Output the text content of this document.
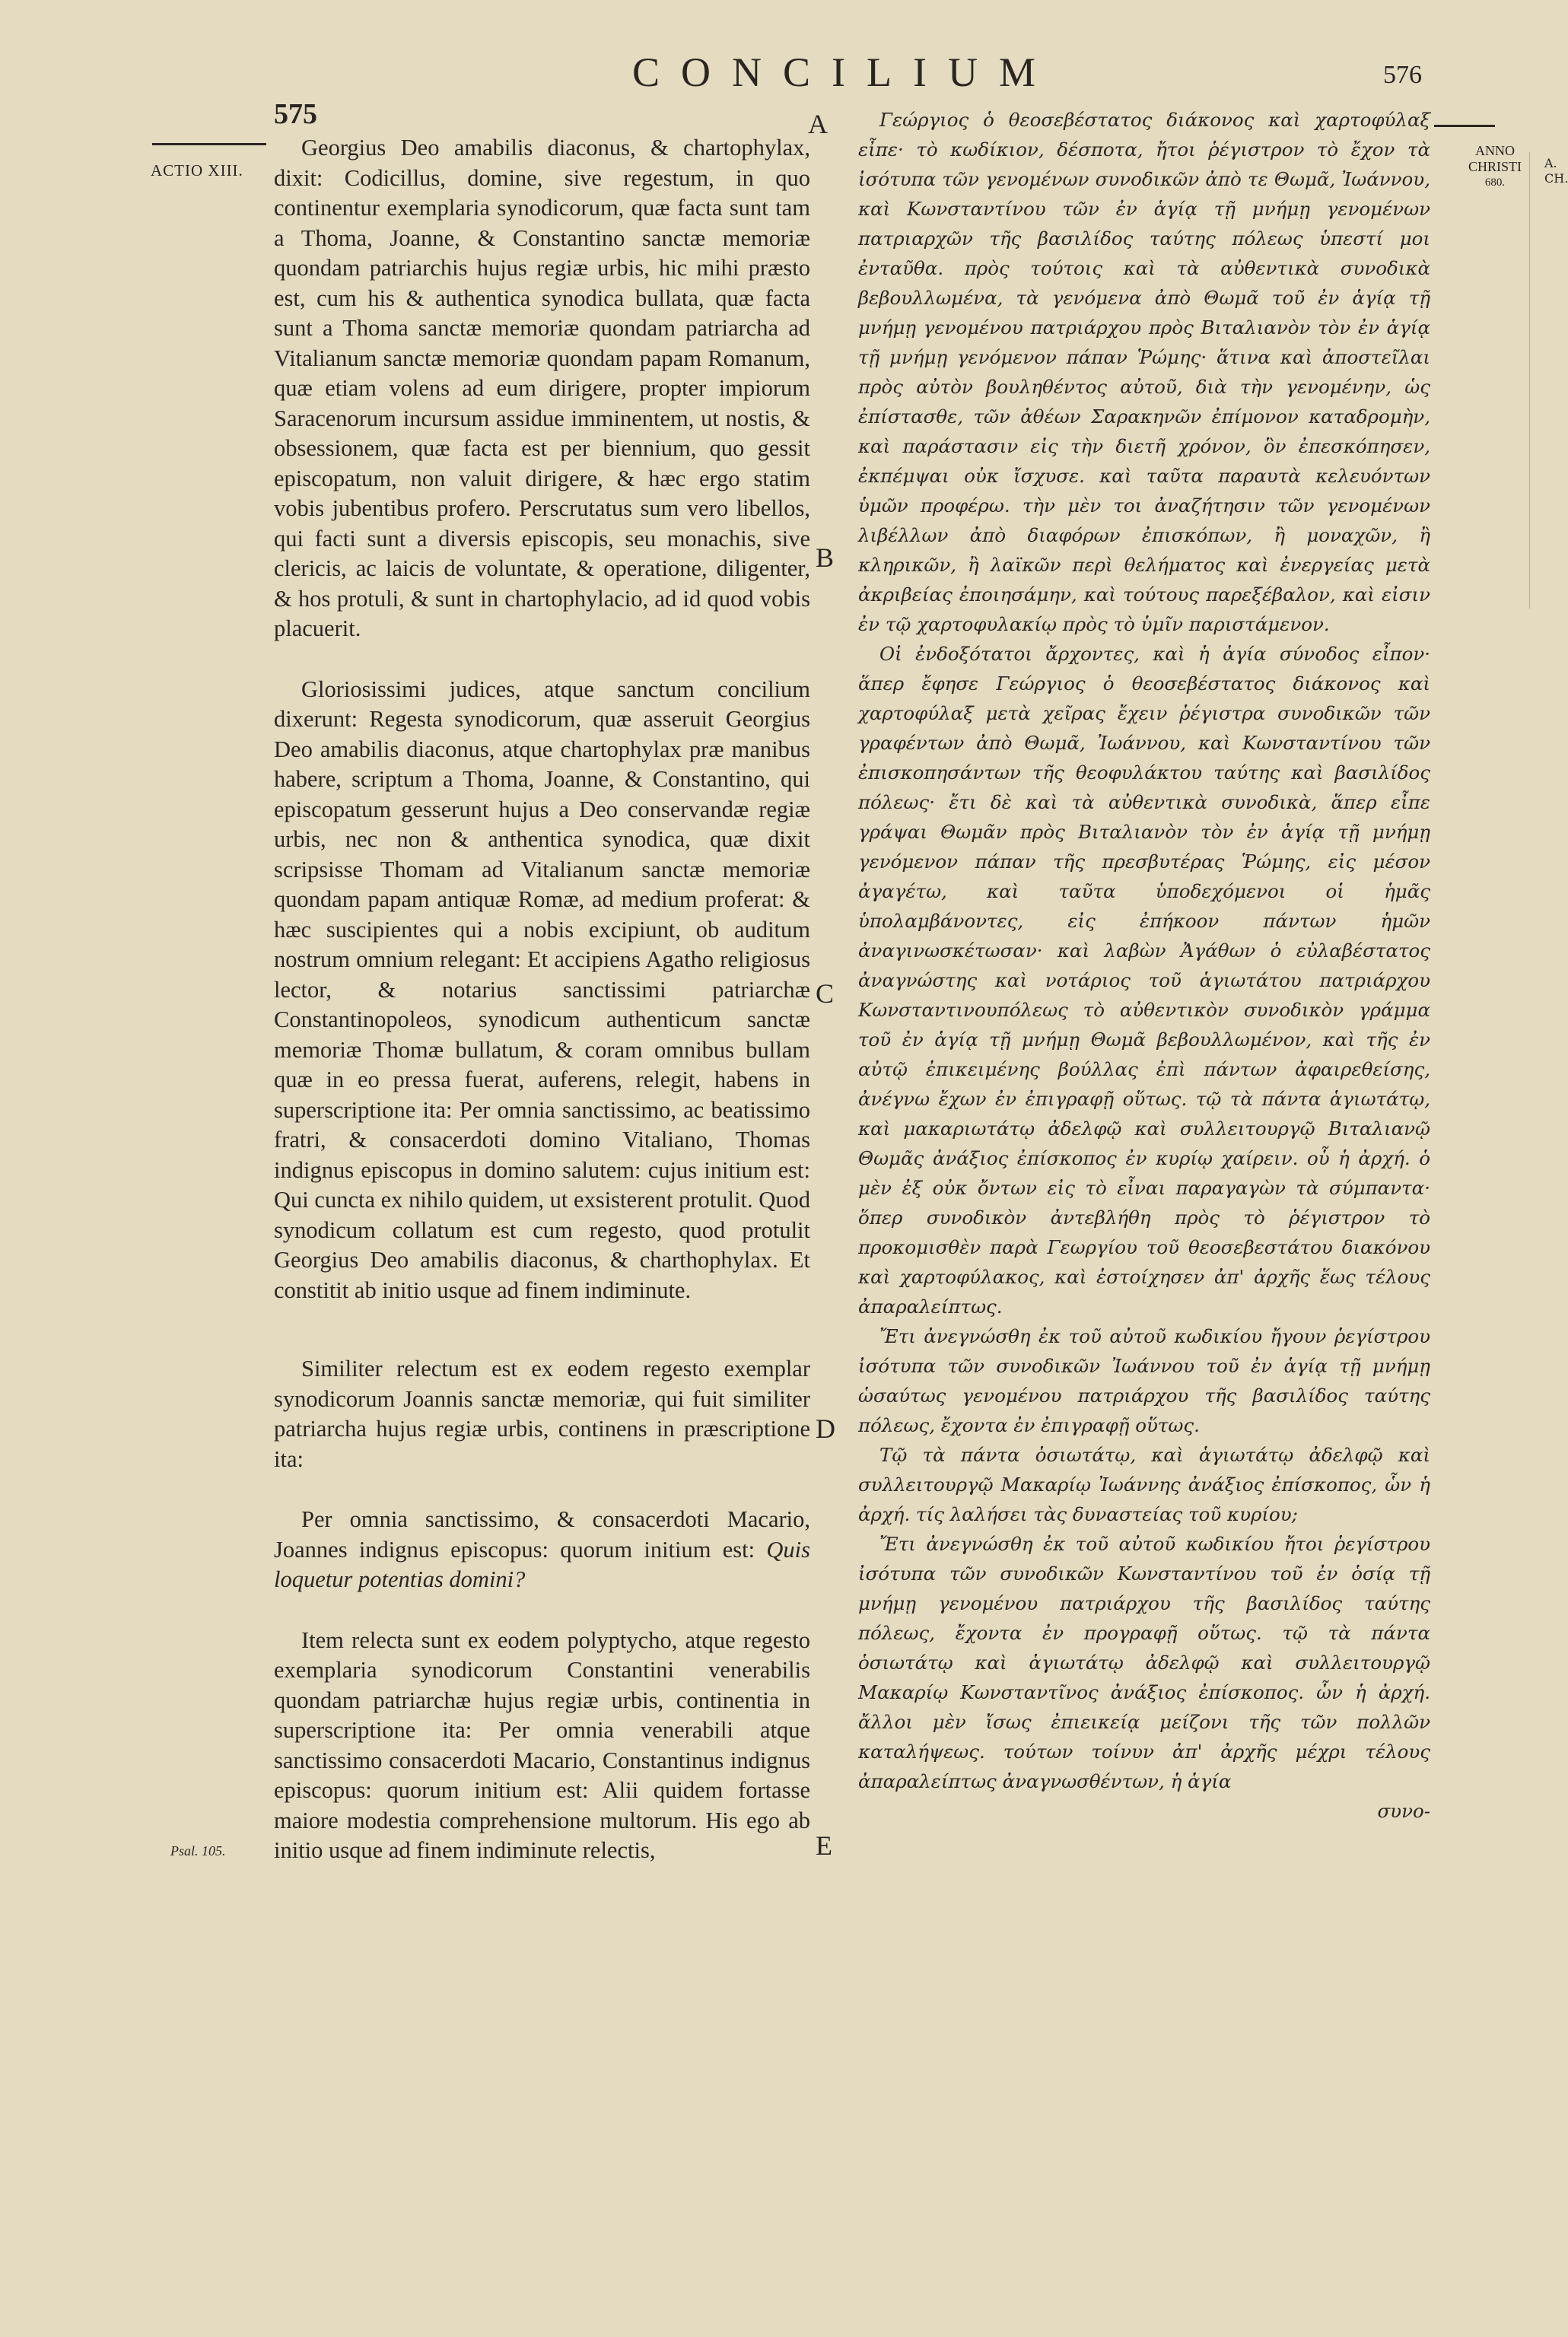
CONCILIUM
575
576
ACTIO XIII.
ANNO
CHRISTI
680.
A. CH.
A
B
C
D
E
Psal. 105.

Georgius Deo amabilis diaconus, & chartophylax, dixit: Codicillus, domine, sive regestum, in quo continentur exemplaria synodicorum, quæ facta sunt tam a Thoma, Joanne, & Constantino sanctæ memoriæ quondam patriarchis hujus regiæ urbis, hic mihi præsto est, cum his & authentica synodica bullata, quæ facta sunt a Thoma sanctæ memoriæ quondam patriarcha ad Vitalianum sanctæ memoriæ quondam papam Romanum, quæ etiam volens ad eum dirigere, propter impiorum Saracenorum incursum assidue imminentem, ut nostis, & obsessionem, quæ facta est per biennium, quo gessit episcopatum, non valuit dirigere, & hæc ergo statim vobis jubentibus profero. Perscrutatus sum vero libellos, qui facti sunt a diversis episcopis, seu monachis, sive clericis, ac laicis de voluntate, & operatione, diligenter, & hos protuli, & sunt in chartophylacio, ad id quod vobis placuerit.

Gloriosissimi judices, atque sanctum concilium dixerunt: Regesta synodicorum, quæ asseruit Georgius Deo amabilis diaconus, atque chartophylax præ manibus habere, scriptum a Thoma, Joanne, & Constantino, qui episcopatum gesserunt hujus a Deo conservandæ regiæ urbis, nec non & anthentica synodica, quæ dixit scripsisse Thomam ad Vitalianum sanctæ memoriæ quondam papam antiquæ Romæ, ad medium proferat: & hæc suscipientes qui a nobis excipiunt, ob auditum nostrum omnium relegant: Et accipiens Agatho religiosus lector, & notarius sanctissimi patriarchæ Constantinopoleos, synodicum authenticum sanctæ memoriæ Thomæ bullatum, & coram omnibus bullam quæ in eo pressa fuerat, auferens, relegit, habens in superscriptione ita: Per omnia sanctissimo, ac beatissimo fratri, & consacerdoti domino Vitaliano, Thomas indignus episcopus in domino salutem: cujus initium est: Qui cuncta ex nihilo quidem, ut exsisterent protulit. Quod synodicum collatum est cum regesto, quod protulit Georgius Deo amabilis diaconus, & charthophylax. Et constitit ab initio usque ad finem indiminute.

Similiter relectum est ex eodem regesto exemplar synodicorum Joannis sanctæ memoriæ, qui fuit similiter patriarcha hujus regiæ urbis, continens in præscriptione ita:

Per omnia sanctissimo, & consacerdoti Macario, Joannes indignus episcopus: quorum initium est: Quis loquetur potentias domini?

Item relecta sunt ex eodem polyptycho, atque regesto exemplaria synodicorum Constantini venerabilis quondam patriarchæ hujus regiæ urbis, continentia in superscriptione ita: Per omnia venerabili atque sanctissimo consacerdoti Macario, Constantinus indignus episcopus: quorum initium est: Alii quidem fortasse maiore modestia comprehensione multorum. His ego ab initio usque ad finem indiminute relectis,

Γεώργιος ὁ θεοσεβέστατος διάκονος καὶ χαρτοφύλαξ εἶπε· τὸ κωδίκιον, δέσποτα, ἤτοι ῥέγιστρον τὸ ἔχον τὰ ἰσότυπα τῶν γενομένων συνοδικῶν ἀπὸ τε Θωμᾶ, Ἰωάννου, καὶ Κωνσταντίνου τῶν ἐν ἁγίᾳ τῇ μνήμῃ γενομένων πατριαρχῶν τῆς βασιλίδος ταύτης πόλεως ὑπεστί μοι ἐνταῦθα. πρὸς τούτοις καὶ τὰ αὐθεντικὰ συνοδικὰ βεβουλλωμένα, τὰ γενόμενα ἀπὸ Θωμᾶ τοῦ ἐν ἁγίᾳ τῇ μνήμῃ γενομένου πατριάρχου πρὸς Βιταλιανὸν τὸν ἐν ἁγίᾳ τῇ μνήμῃ γενόμενον πάπαν Ῥώμης· ἅτινα καὶ ἀποστεῖλαι πρὸς αὐτὸν βουληθέντος αὐτοῦ, διὰ τὴν γενομένην, ὡς ἐπίστασθε, τῶν ἀθέων Σαρακηνῶν ἐπίμονον καταδρομὴν, καὶ παράστασιν εἰς τὴν διετῆ χρόνον, ὃν ἐπεσκόπησεν, ἐκπέμψαι οὐκ ἴσχυσε. καὶ ταῦτα παραυτὰ κελευόντων ὑμῶν προφέρω. τὴν μὲν τοι ἀναζήτησιν τῶν γενομένων λιβέλλων ἀπὸ διαφόρων ἐπισκόπων, ἢ μοναχῶν, ἢ κληρικῶν, ἢ λαϊκῶν περὶ θελήματος καὶ ἐνεργείας μετὰ ἀκριβείας ἐποιησάμην, καὶ τούτους παρεξέβαλον, καὶ εἰσιν ἐν τῷ χαρτοφυλακίῳ πρὸς τὸ ὑμῖν παριστάμενον.

Οἱ ἐνδοξότατοι ἄρχοντες, καὶ ἡ ἁγία σύνοδος εἶπον· ἅπερ ἔφησε Γεώργιος ὁ θεοσεβέστατος διάκονος καὶ χαρτοφύλαξ μετὰ χεῖρας ἔχειν ῥέγιστρα συνοδικῶν τῶν γραφέντων ἀπὸ Θωμᾶ, Ἰωάννου, καὶ Κωνσταντίνου τῶν ἐπισκοπησάντων τῆς θεοφυλάκτου ταύτης καὶ βασιλίδος πόλεως· ἔτι δὲ καὶ τὰ αὐθεντικὰ συνοδικὰ, ἅπερ εἶπε γράψαι Θωμᾶν πρὸς Βιταλιανὸν τὸν ἐν ἁγίᾳ τῇ μνήμῃ γενόμενον πάπαν τῆς πρεσβυτέρας Ῥώμης, εἰς μέσον ἀγαγέτω, καὶ ταῦτα ὑποδεχόμενοι οἱ ἡμᾶς ὑπολαμβάνοντες, εἰς ἐπήκοον πάντων ἡμῶν ἀναγινωσκέτωσαν· καὶ λαβὼν Ἀγάθων ὁ εὐλαβέστατος ἀναγνώστης καὶ νοτάριος τοῦ ἁγιωτάτου πατριάρχου Κωνσταντινουπόλεως τὸ αὐθεντικὸν συνοδικὸν γράμμα τοῦ ἐν ἁγίᾳ τῇ μνήμῃ Θωμᾶ βεβουλλωμένον, καὶ τῆς ἐν αὐτῷ ἐπικειμένης βούλλας ἐπὶ πάντων ἀφαιρεθείσης, ἀνέγνω ἔχων ἐν ἐπιγραφῇ οὕτως. τῷ τὰ πάντα ἁγιωτάτῳ, καὶ μακαριωτάτῳ ἀδελφῷ καὶ συλλειτουργῷ Βιταλιανῷ Θωμᾶς ἀνάξιος ἐπίσκοπος ἐν κυρίῳ χαίρειν. οὗ ἡ ἀρχή. ὁ μὲν ἐξ οὐκ ὄντων εἰς τὸ εἶναι παραγαγὼν τὰ σύμπαντα· ὅπερ συνοδικὸν ἀντεβλήθη πρὸς τὸ ῥέγιστρον τὸ προκομισθὲν παρὰ Γεωργίου τοῦ θεοσεβεστάτου διακόνου καὶ χαρτοφύλακος, καὶ ἐστοίχησεν ἀπ' ἀρχῆς ἕως τέλους ἀπαραλείπτως.

Ἔτι ἀνεγνώσθη ἐκ τοῦ αὐτοῦ κωδικίου ἤγουν ῥεγίστρου ἰσότυπα τῶν συνοδικῶν Ἰωάννου τοῦ ἐν ἁγίᾳ τῇ μνήμῃ ὡσαύτως γενομένου πατριάρχου τῆς βασιλίδος ταύτης πόλεως, ἔχοντα ἐν ἐπιγραφῇ οὕτως.

Τῷ τὰ πάντα ὁσιωτάτῳ, καὶ ἁγιωτάτῳ ἀδελφῷ καὶ συλλειτουργῷ Μακαρίῳ Ἰωάννης ἀνάξιος ἐπίσκοπος, ὧν ἡ ἀρχή. τίς λαλήσει τὰς δυναστείας τοῦ κυρίου;

Ἔτι ἀνεγνώσθη ἐκ τοῦ αὐτοῦ κωδικίου ἤτοι ῥεγίστρου ἰσότυπα τῶν συνοδικῶν Κωνσταντίνου τοῦ ἐν ὁσίᾳ τῇ μνήμῃ γενομένου πατριάρχου τῆς βασιλίδος ταύτης πόλεως, ἔχοντα ἐν προγραφῇ οὕτως. τῷ τὰ πάντα ὁσιωτάτῳ καὶ ἁγιωτάτῳ ἀδελφῷ καὶ συλλειτουργῷ Μακαρίῳ Κωνσταντῖνος ἀνάξιος ἐπίσκοπος. ὧν ἡ ἀρχή. ἄλλοι μὲν ἴσως ἐπιεικείᾳ μείζονι τῆς τῶν πολλῶν καταλήψεως. τούτων τοίνυν ἀπ' ἀρχῆς μέχρι τέλους ἀπαραλείπτως ἀναγνωσθέντων, ἡ ἁγία

συνο-
